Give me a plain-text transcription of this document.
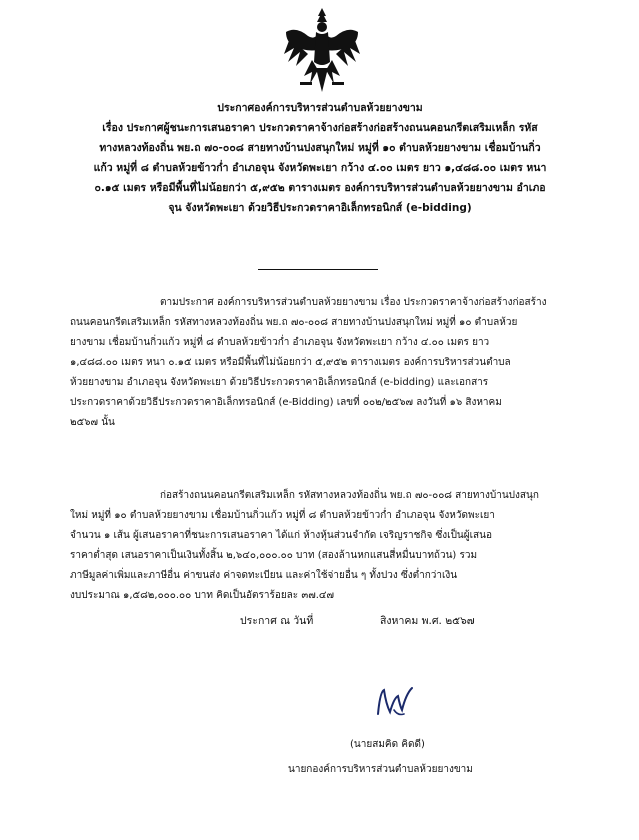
ประกาศองค์การบริหารส่วนตำบลห้วยยางขาม
เรื่อง ประกาศผู้ชนะการเสนอราคา ประกวดราคาจ้างก่อสร้างก่อสร้างถนนคอนกรีตเสริมเหล็ก รหัส
ทางหลวงท้องถิ่น พย.ถ ๗๐-๐๐๘ สายทางบ้านปงสนุกใหม่ หมู่ที่ ๑๐ ตำบลห้วยยางขาม เชื่อมบ้านกิ่ว
แก้ว หมู่ที่ ๘ ตำบลห้วยข้าวก่ำ อำเภอจุน จังหวัดพะเยา กว้าง ๔.๐๐ เมตร ยาว ๑,๔๘๘.๐๐ เมตร หนา
๐.๑๕ เมตร หรือมีพื้นที่ไม่น้อยกว่า ๕,๙๕๒ ตารางเมตร องค์การบริหารส่วนตำบลห้วยยางขาม อำเภอ
จุน จังหวัดพะเยา ด้วยวิธีประกวดราคาอิเล็กทรอนิกส์ (e-bidding)
ตามประกาศ องค์การบริหารส่วนตำบลห้วยยางขาม เรื่อง ประกวดราคาจ้างก่อสร้างก่อสร้าง
ถนนคอนกรีตเสริมเหล็ก รหัสทางหลวงท้องถิ่น พย.ถ ๗๐-๐๐๘ สายทางบ้านปงสนุกใหม่ หมู่ที่ ๑๐ ตำบลห้วย
ยางขาม เชื่อมบ้านกิ่วแก้ว หมู่ที่ ๘ ตำบลห้วยข้าวก่ำ อำเภอจุน จังหวัดพะเยา กว้าง ๔.๐๐ เมตร ยาว
๑,๔๘๘.๐๐ เมตร หนา ๐.๑๕ เมตร หรือมีพื้นที่ไม่น้อยกว่า ๕,๙๕๒ ตารางเมตร องค์การบริหารส่วนตำบล
ห้วยยางขาม อำเภอจุน จังหวัดพะเยา ด้วยวิธีประกวดราคาอิเล็กทรอนิกส์ (e-bidding) และเอกสาร
ประกวดราคาด้วยวิธีประกวดราคาอิเล็กทรอนิกส์ (e-Bidding) เลขที่ ๐๐๒/๒๕๖๗ ลงวันที่ ๑๖ สิงหาคม
๒๕๖๗ นั้น
ก่อสร้างถนนคอนกรีตเสริมเหล็ก รหัสทางหลวงท้องถิ่น พย.ถ ๗๐-๐๐๘ สายทางบ้านปงสนุก
ใหม่ หมู่ที่ ๑๐ ตำบลห้วยยางขาม เชื่อมบ้านกิ่วแก้ว หมู่ที่ ๘ ตำบลห้วยข้าวก่ำ อำเภอจุน จังหวัดพะเยา
จำนวน ๑ เส้น ผู้เสนอราคาที่ชนะการเสนอราคา ได้แก่ ห้างหุ้นส่วนจำกัด เจริญราชกิจ ซึ่งเป็นผู้เสนอ
ราคาต่ำสุด เสนอราคาเป็นเงินทั้งสิ้น ๒,๖๔๐,๐๐๐.๐๐ บาท (สองล้านหกแสนสี่หมื่นบาทถ้วน) รวม
ภาษีมูลค่าเพิ่มและภาษีอื่น ค่าขนส่ง ค่าจดทะเบียน และค่าใช้จ่ายอื่น ๆ ทั้งปวง ซึ่งต่ำกว่าเงิน
งบประมาณ ๑,๕๘๒,๐๐๐.๐๐ บาท คิดเป็นอัตราร้อยละ ๓๗.๔๗
ประกาศ ณ วันที่	สิงหาคม พ.ศ. ๒๕๖๗
(นายสมคิด คิดดี)
นายกองค์การบริหารส่วนตำบลห้วยยางขาม
